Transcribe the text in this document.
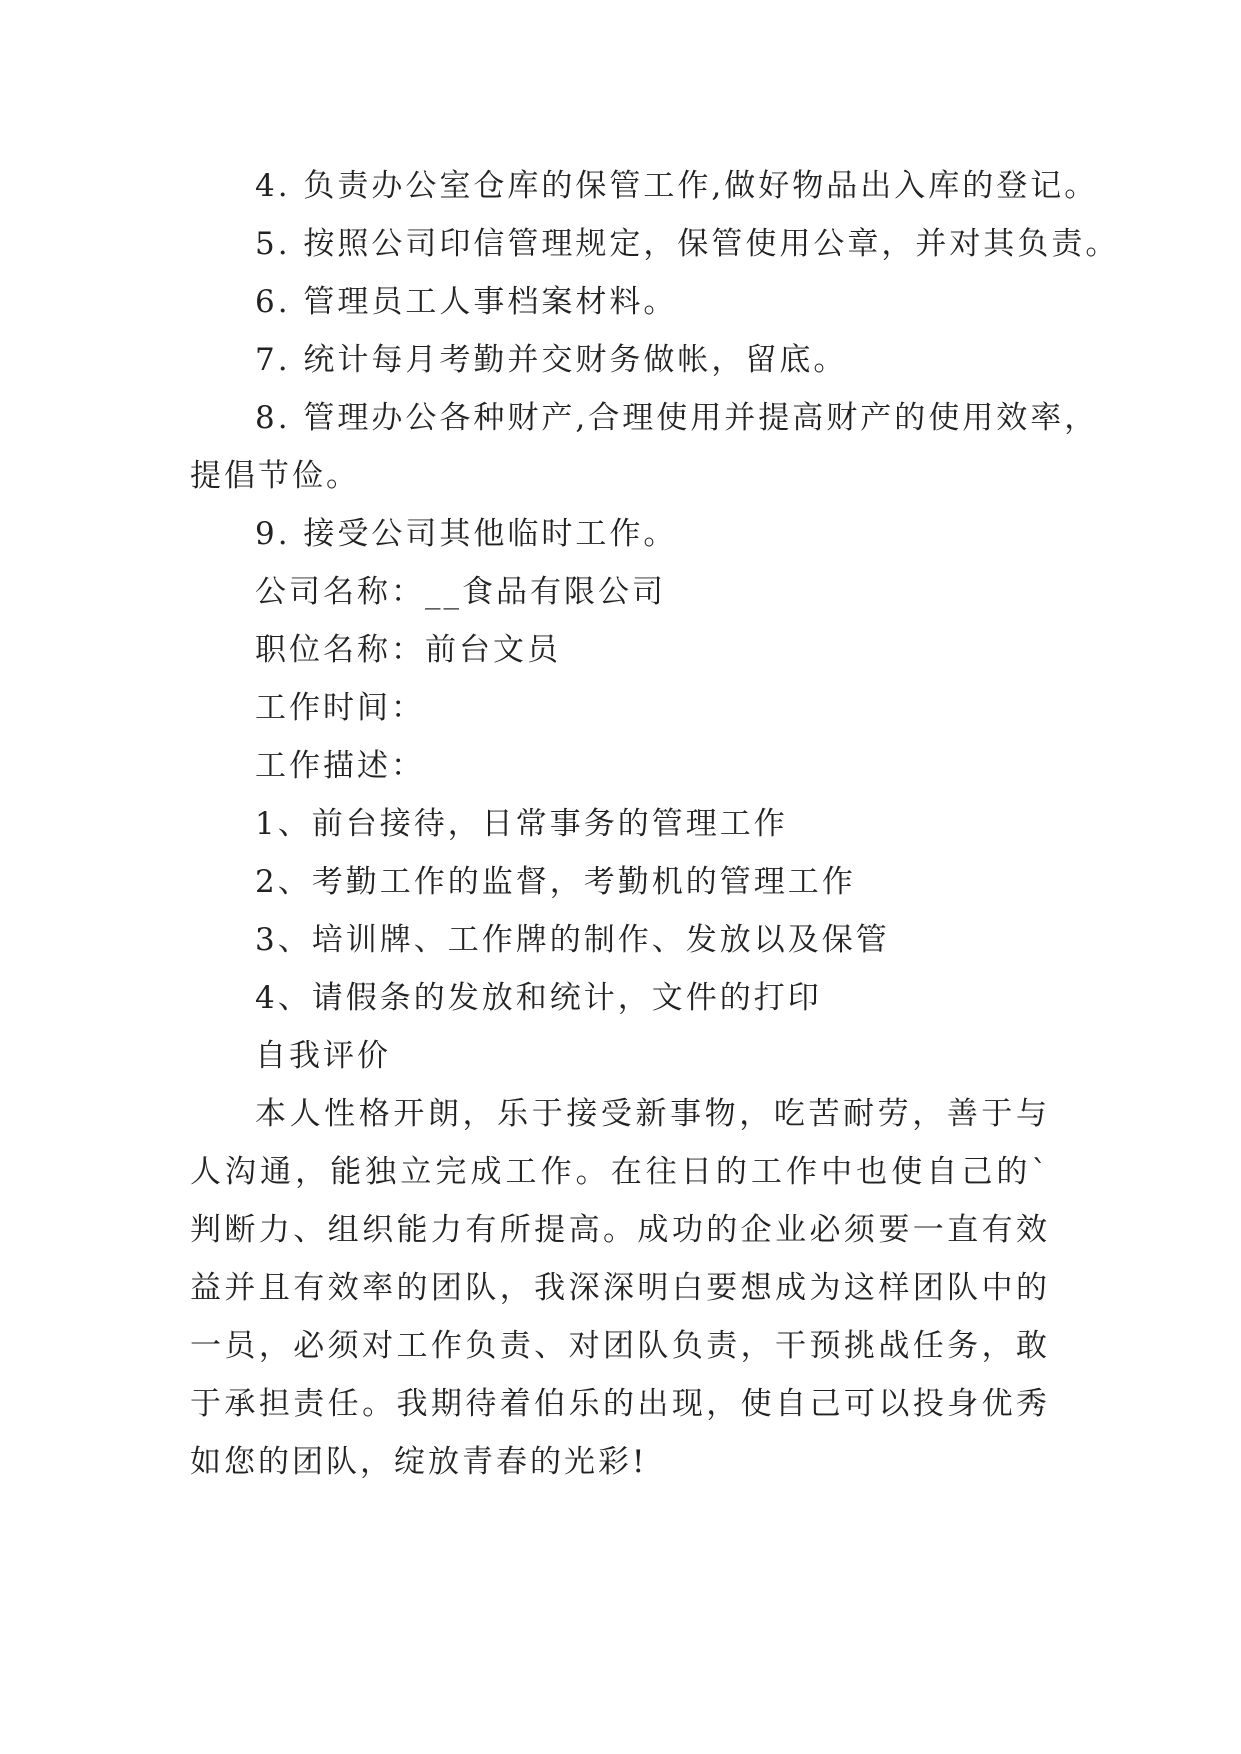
4. 负责办公室仓库的保管工作,做好物品出入库的登记。
5. 按照公司印信管理规定，保管使用公章，并对其负责。
6. 管理员工人事档案材料。
7. 统计每月考勤并交财务做帐，留底。
8. 管理办公各种财产,合理使用并提高财产的使用效率，
提倡节俭。
9. 接受公司其他临时工作。
公司名称：__食品有限公司
职位名称：前台文员
工作时间：
工作描述：
1、前台接待，日常事务的管理工作
2、考勤工作的监督，考勤机的管理工作
3、培训牌、工作牌的制作、发放以及保管
4、请假条的发放和统计，文件的打印
自我评价

本人性格开朗，乐于接受新事物，吃苦耐劳，善于与人沟通，能独立完成工作。在往日的工作中也使自己的`判断力、组织能力有所提高。成功的企业必须要一直有效益并且有效率的团队，我深深明白要想成为这样团队中的一员，必须对工作负责、对团队负责，干预挑战任务，敢于承担责任。我期待着伯乐的出现，使自己可以投身优秀如您的团队，绽放青春的光彩!
